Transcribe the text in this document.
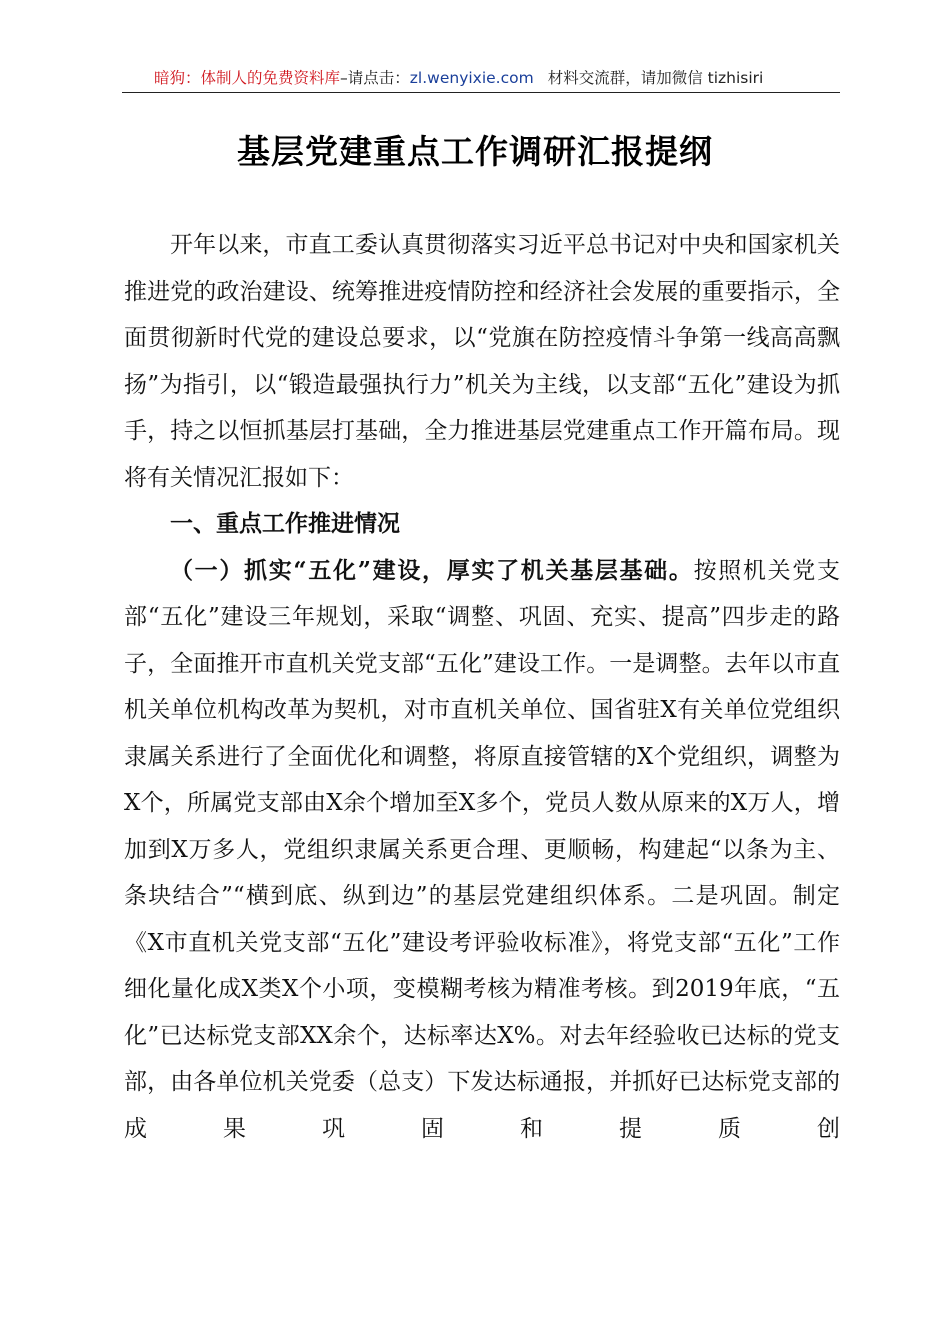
暗狗：体制人的免费资料库–请点击：zl.wenyixie.com 材料交流群，请加微信 tizhisiri
基层党建重点工作调研汇报提纲

开年以来，市直工委认真贯彻落实习近平总书记对中央和国家机关推进党的政治建设、统筹推进疫情防控和经济社会发展的重要指示，全面贯彻新时代党的建设总要求，以“党旗在防控疫情斗争第一线高高飘扬”为指引，以“锻造最强执行力”机关为主线，以支部“五化”建设为抓手，持之以恒抓基层打基础，全力推进基层党建重点工作开篇布局。现将有关情况汇报如下：

一、重点工作推进情况

（一）抓实“五化”建设，厚实了机关基层基础。按照机关党支部“五化”建设三年规划，采取“调整、巩固、充实、提高”四步走的路子，全面推开市直机关党支部“五化”建设工作。一是调整。去年以市直机关单位机构改革为契机，对市直机关单位、国省驻X有关单位党组织隶属关系进行了全面优化和调整，将原直接管辖的X个党组织，调整为X个，所属党支部由X余个增加至X多个，党员人数从原来的X万人，增加到X万多人，党组织隶属关系更合理、更顺畅，构建起“以条为主、条块结合”“横到底、纵到边”的基层党建组织体系。二是巩固。制定《X市直机关党支部“五化”建设考评验收标准》，将党支部“五化”工作细化量化成X类X个小项，变模糊考核为精准考核。到2019年底，“五化”已达标党支部XX余个，达标率达X%。对去年经验收已达标的党支部，由各单位机关党委（总支）下发达标通报，并抓好已达标党支部的成果巩固和提质创
